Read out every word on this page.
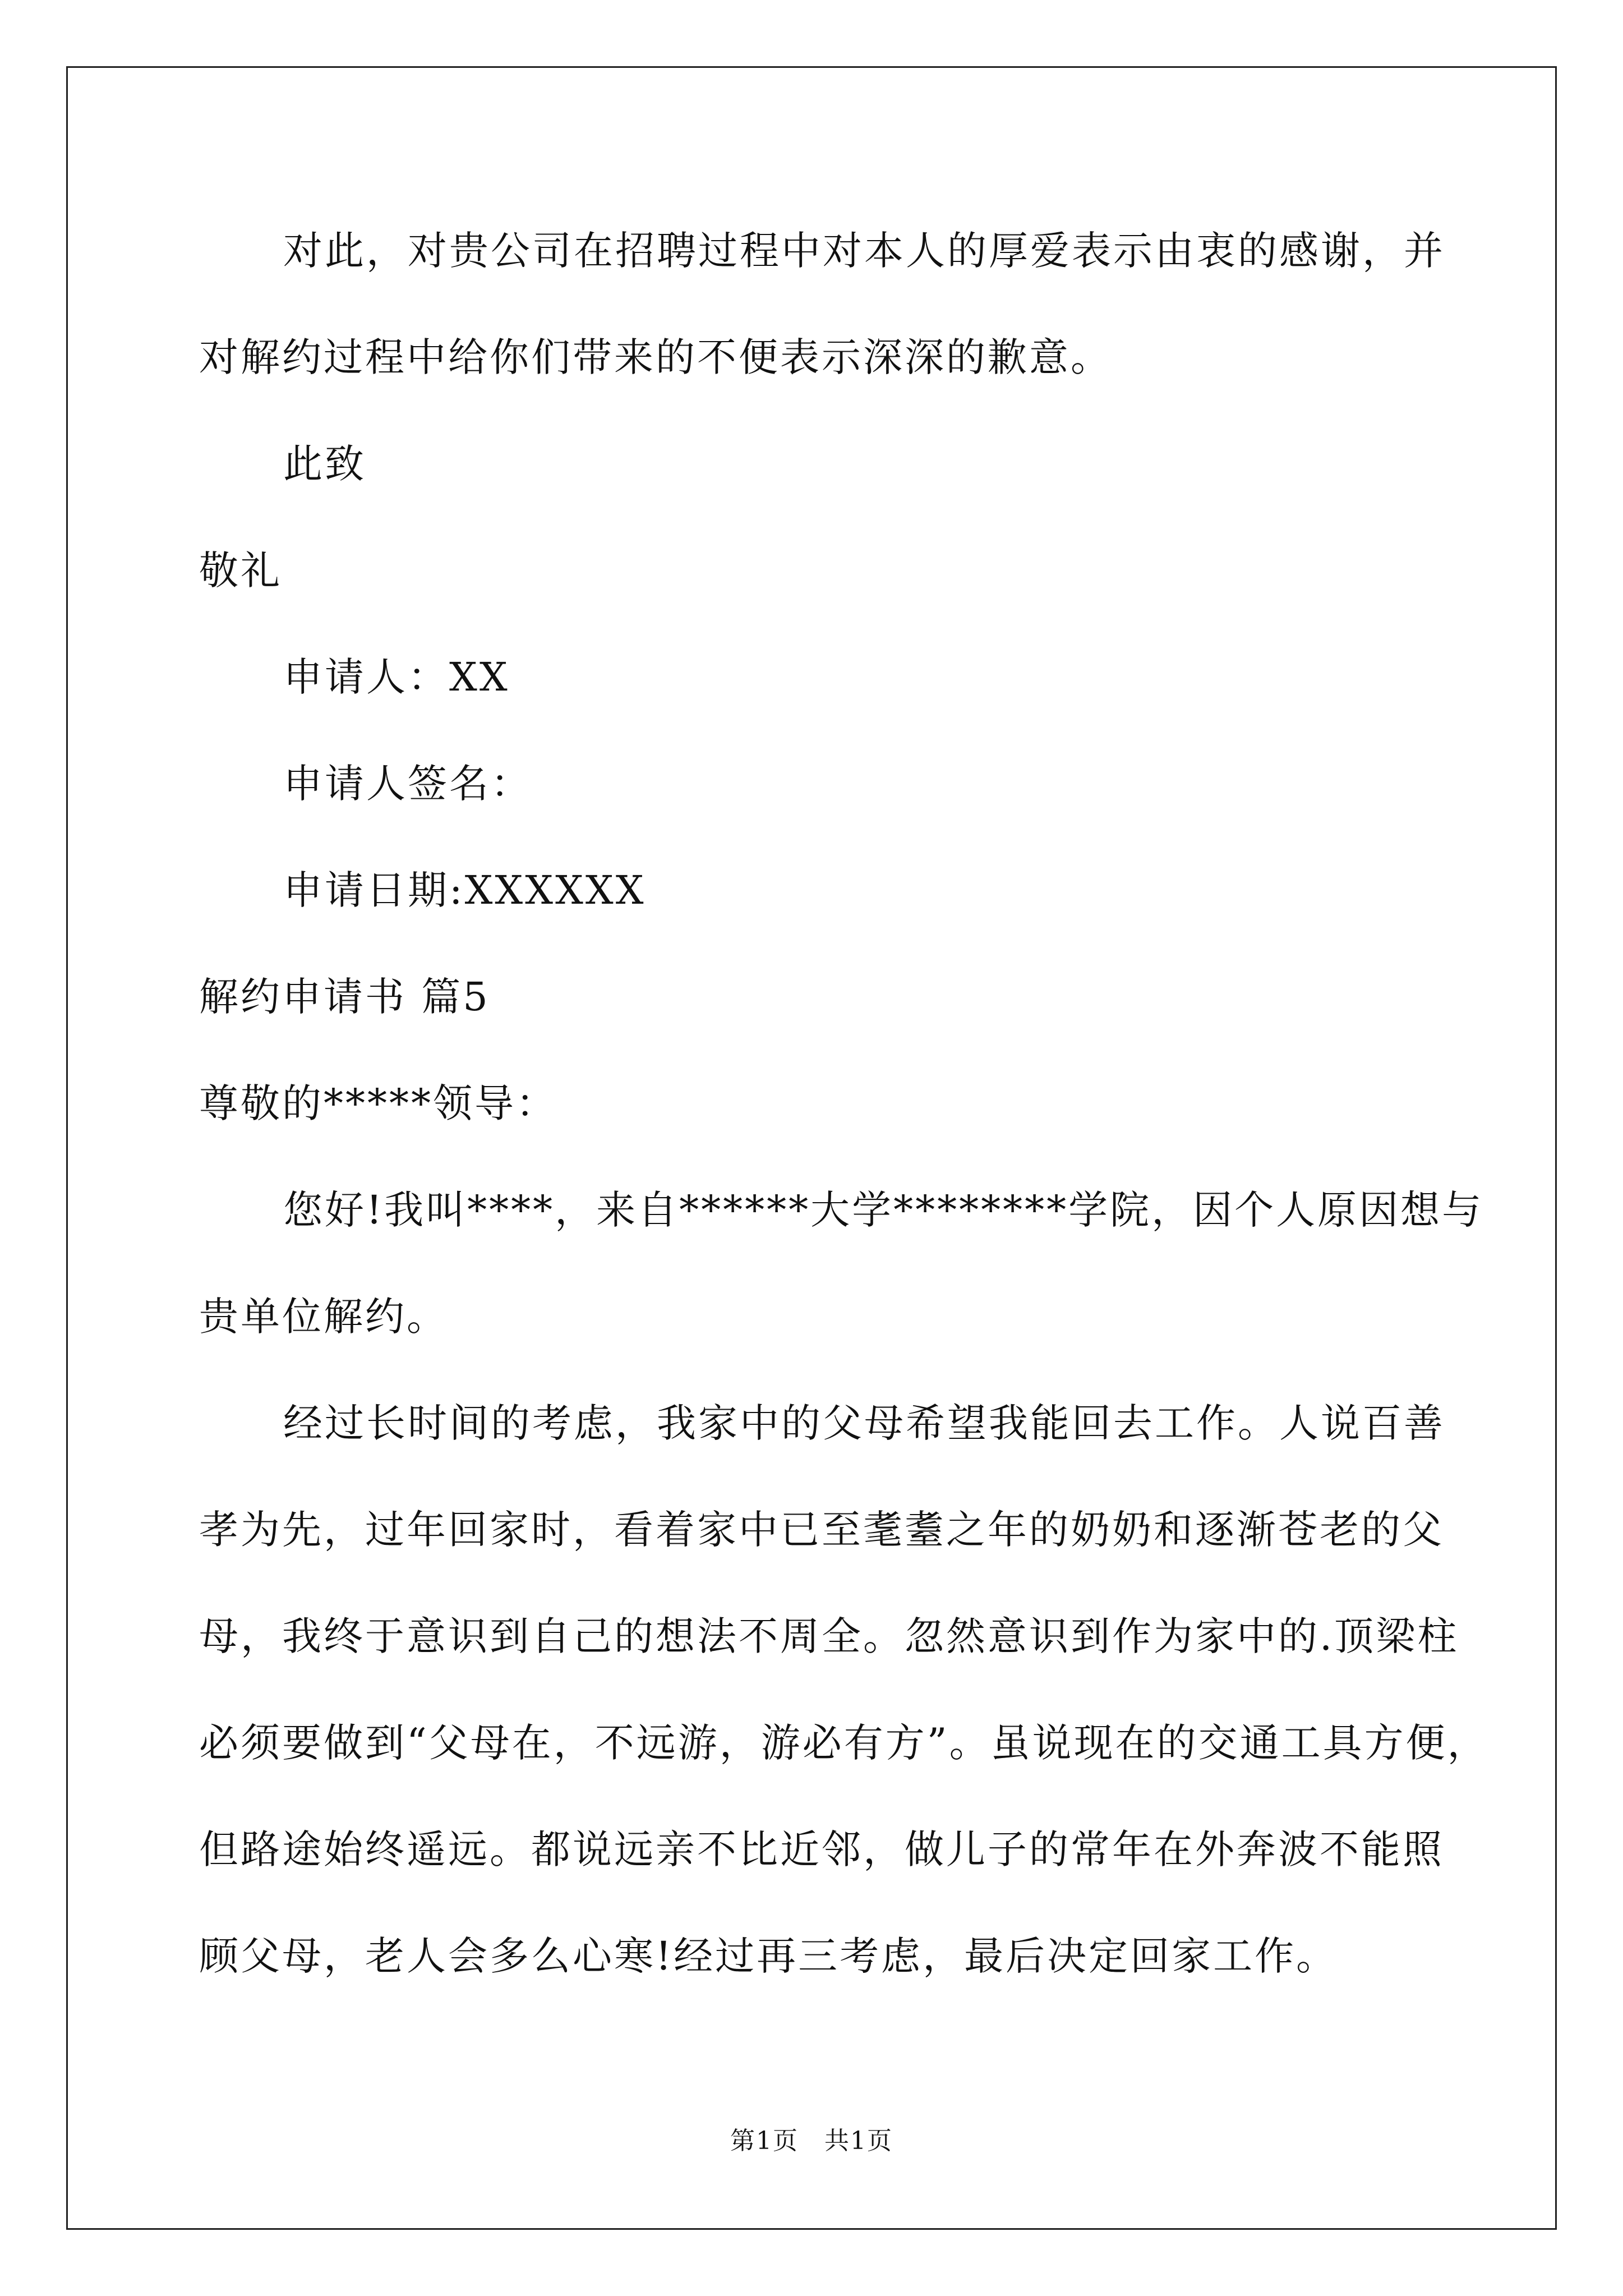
对此，对贵公司在招聘过程中对本人的厚爱表示由衷的感谢，并
对解约过程中给你们带来的不便表示深深的歉意。
此致
敬礼
申请人：XX
申请人签名：
申请日期:XXXXXX
解约申请书 篇5
尊敬的*****领导：
您好!我叫****，来自******大学********学院，因个人原因想与
贵单位解约。
经过长时间的考虑，我家中的父母希望我能回去工作。人说百善
孝为先，过年回家时，看着家中已至耄耋之年的奶奶和逐渐苍老的父
母，我终于意识到自己的想法不周全。忽然意识到作为家中的.顶梁柱
必须要做到“父母在，不远游，游必有方”。虽说现在的交通工具方便，
但路途始终遥远。都说远亲不比近邻，做儿子的常年在外奔波不能照
顾父母，老人会多么心寒!经过再三考虑，最后决定回家工作。
第1页　共1页
